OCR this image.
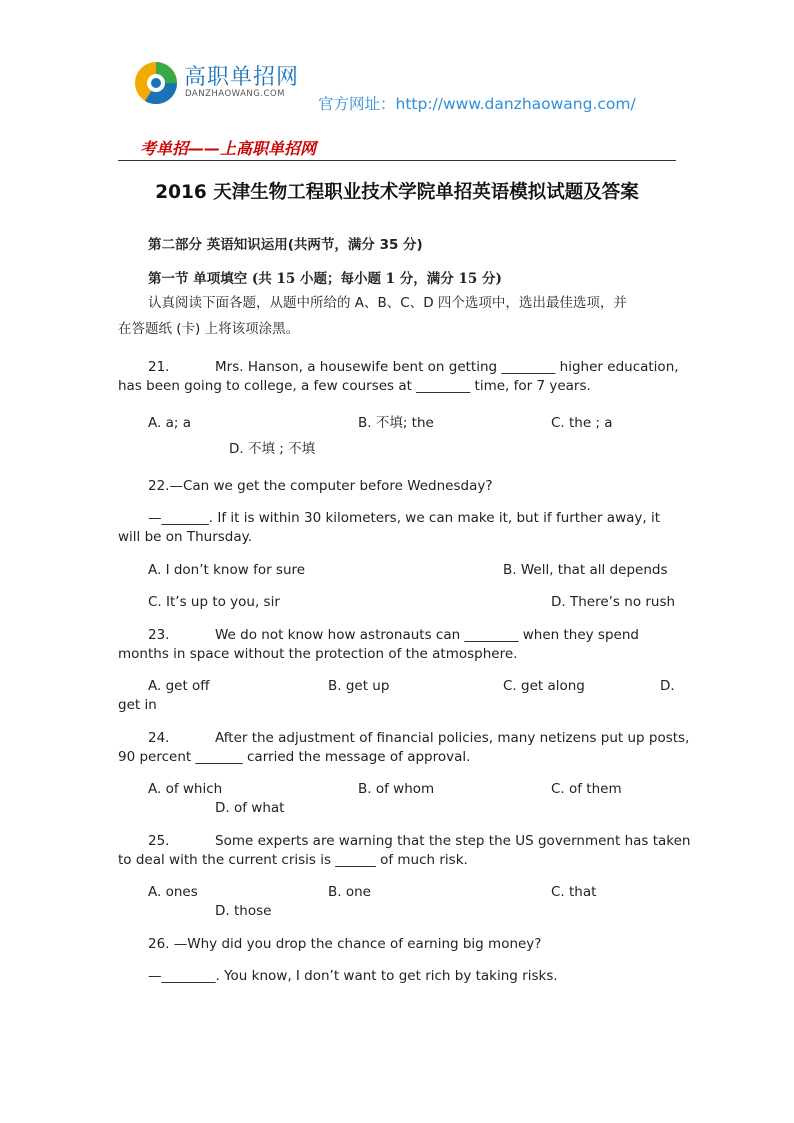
高职单招网
DANZHAOWANG.COM
官方网址：http://www.danzhaowang.com/
考单招——上高职单招网
2016 天津生物工程职业技术学院单招英语模拟试题及答案
第二部分 英语知识运用(共两节，满分 35 分)
第一节 单项填空 (共 15 小题；每小题 1 分，满分 15 分)
认真阅读下面各题，从题中所给的 A、B、C、D 四个选项中，选出最佳选项，并
在答题纸 (卡) 上将该项涂黑。
21.	Mrs. Hanson, a housewife bent on getting ________ higher education,
has been going to college, a few courses at ________ time, for 7 years.
A. a; a	B. 不填; the	C. the ; a
D. 不填 ; 不填
22.—Can we get the computer before Wednesday?
—_______. If it is within 30 kilometers, we can make it, but if further away, it
will be on Thursday.
A. I don’t know for sure	B. Well, that all depends
C. It’s up to you, sir	D. There’s no rush
23.	We do not know how astronauts can ________ when they spend
months in space without the protection of the atmosphere.
A. get off	B. get up	C. get along	D.
get in
24.	After the adjustment of financial policies, many netizens put up posts,
90 percent _______ carried the message of approval.
A. of which	B. of whom	C. of them
D. of what
25.	Some experts are warning that the step the US government has taken
to deal with the current crisis is ______ of much risk.
A. ones	B. one	C. that
D. those
26. —Why did you drop the chance of earning big money?
—________. You know, I don’t want to get rich by taking risks.
